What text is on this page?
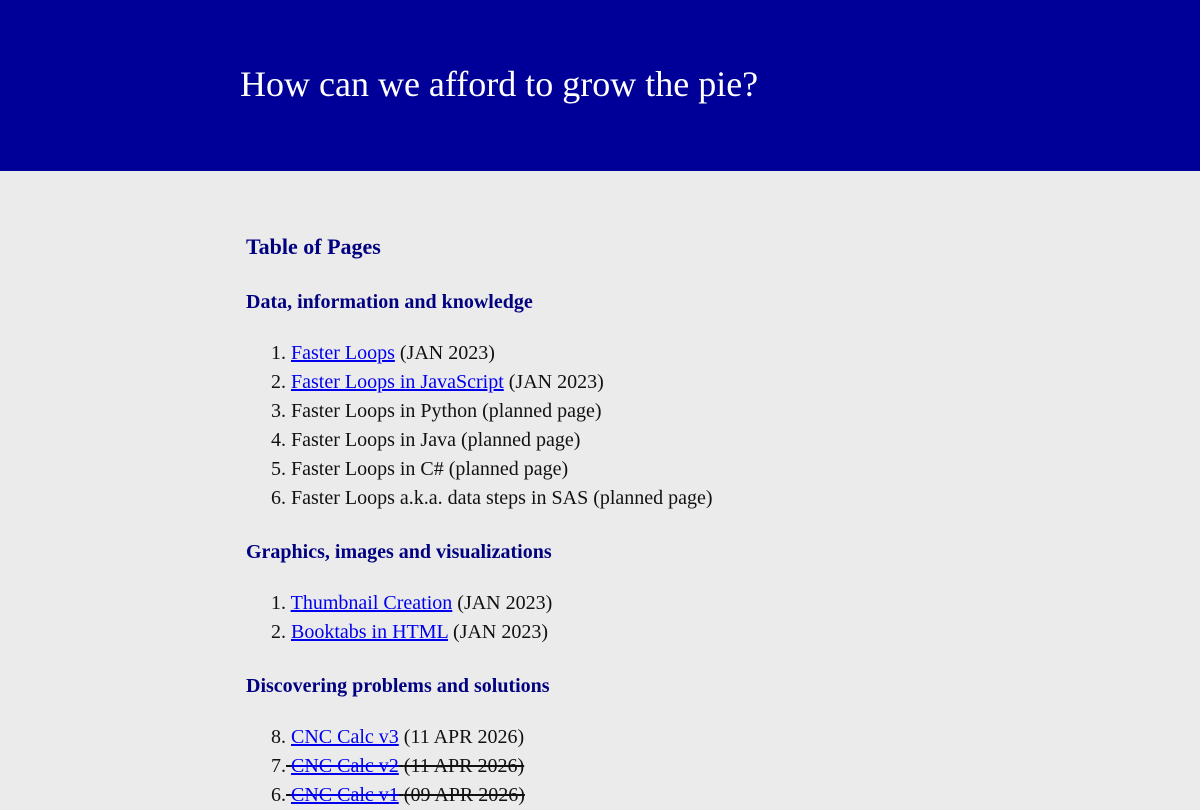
How can we afford to grow the pie?
Table of Pages
Data, information and knowledge
1. Faster Loops (JAN 2023)
2. Faster Loops in JavaScript (JAN 2023)
3. Faster Loops in Python (planned page)
4. Faster Loops in Java (planned page)
5. Faster Loops in C# (planned page)
6. Faster Loops a.k.a. data steps in SAS (planned page)
Graphics, images and visualizations
1. Thumbnail Creation (JAN 2023)
2. Booktabs in HTML (JAN 2023)
Discovering problems and solutions
8. CNC Calc v3 (11 APR 2026)
7. CNC Calc v2 (11 APR 2026)
6. CNC Calc v1 (09 APR 2026)
